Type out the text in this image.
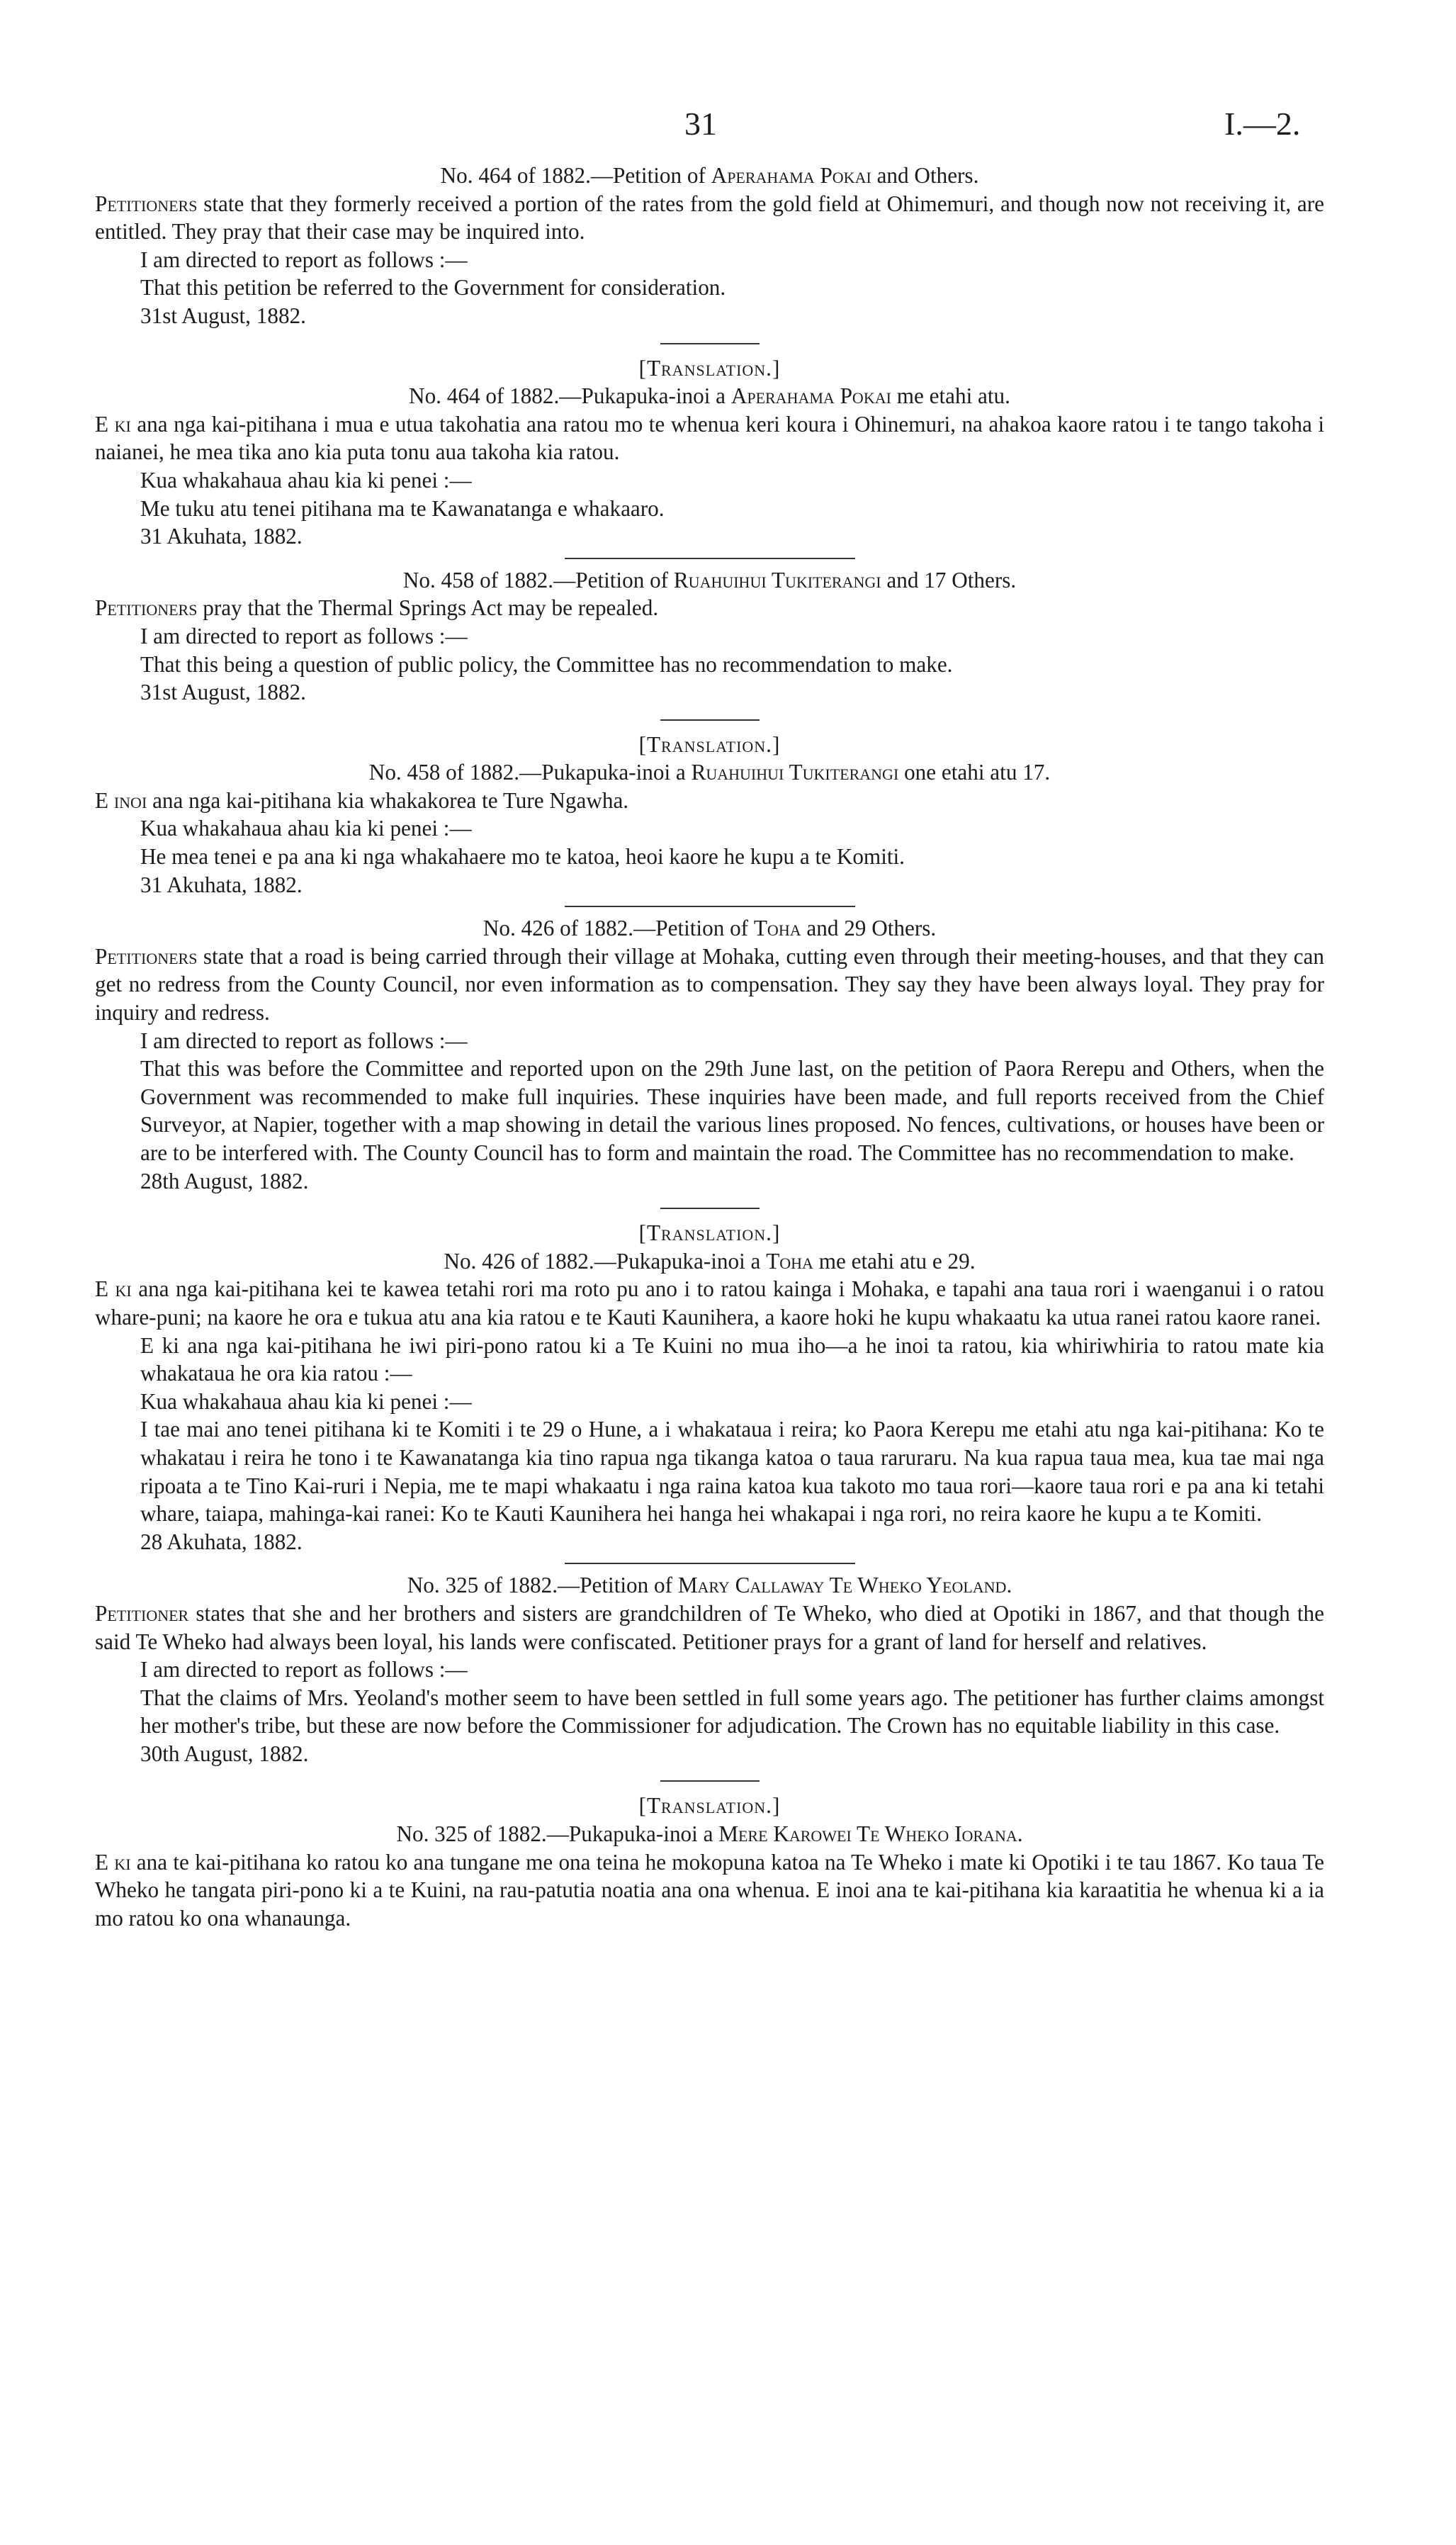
31	I.—2.
No. 464 of 1882.—Petition of Aperahama Pokai and Others.
Petitioners state that they formerly received a portion of the rates from the gold field at Ohimemuri, and though now not receiving it, are entitled. They pray that their case may be inquired into.
I am directed to report as follows :—
That this petition be referred to the Government for consideration.
31st August, 1882.
[Translation.]
No. 464 of 1882.—Pukapuka-inoi a Aperahama Pokai me etahi atu.
E ki ana nga kai-pitihana i mua e utua takohatia ana ratou mo te whenua keri koura i Ohinemuri, na ahakoa kaore ratou i te tango takoha i naianei, he mea tika ano kia puta tonu aua takoha kia ratou.
Kua whakahaua ahau kia ki penei :—
Me tuku atu tenei pitihana ma te Kawanatanga e whakaaro.
31 Akuhata, 1882.
No. 458 of 1882.—Petition of Ruahuihui Tukiterangi and 17 Others.
Petitioners pray that the Thermal Springs Act may be repealed.
I am directed to report as follows :—
That this being a question of public policy, the Committee has no recommendation to make.
31st August, 1882.
[Translation.]
No. 458 of 1882.—Pukapuka-inoi a Ruahuihui Tukiterangi one etahi atu 17.
E inoi ana nga kai-pitihana kia whakakorea te Ture Ngawha.
Kua whakahaua ahau kia ki penei :—
He mea tenei e pa ana ki nga whakahaere mo te katoa, heoi kaore he kupu a te Komiti.
31 Akuhata, 1882.
No. 426 of 1882.—Petition of Toha and 29 Others.
Petitioners state that a road is being carried through their village at Mohaka, cutting even through their meeting-houses, and that they can get no redress from the County Council, nor even information as to compensation. They say they have been always loyal. They pray for inquiry and redress.
I am directed to report as follows :—
That this was before the Committee and reported upon on the 29th June last, on the petition of Paora Rerepu and Others, when the Government was recommended to make full inquiries. These inquiries have been made, and full reports received from the Chief Surveyor, at Napier, together with a map showing in detail the various lines proposed. No fences, cultivations, or houses have been or are to be interfered with. The County Council has to form and maintain the road. The Committee has no recommendation to make.
28th August, 1882.
[Translation.]
No. 426 of 1882.—Pukapuka-inoi a Toha me etahi atu e 29.
E ki ana nga kai-pitihana kei te kawea tetahi rori ma roto pu ano i to ratou kainga i Mohaka, e tapahi ana taua rori i waenganui i o ratou whare-puni; na kaore he ora e tukua atu ana kia ratou e te Kauti Kaunihera, a kaore hoki he kupu whakaatu ka utua ranei ratou kaore ranei.
E ki ana nga kai-pitihana he iwi piri-pono ratou ki a Te Kuini no mua iho—a he inoi ta ratou, kia whiriwhiria to ratou mate kia whakataua he ora kia ratou :—
Kua whakahaua ahau kia ki penei :—
I tae mai ano tenei pitihana ki te Komiti i te 29 o Hune, a i whakataua i reira; ko Paora Kerepu me etahi atu nga kai-pitihana: Ko te whakatau i reira he tono i te Kawanatanga kia tino rapua nga tikanga katoa o taua raruraru. Na kua rapua taua mea, kua tae mai nga ripoata a te Tino Kai-ruri i Nepia, me te mapi whakaatu i nga raina katoa kua takoto mo taua rori—kaore taua rori e pa ana ki tetahi whare, taiapa, mahinga-kai ranei: Ko te Kauti Kaunihera hei hanga hei whakapai i nga rori, no reira kaore he kupu a te Komiti.
28 Akuhata, 1882.
No. 325 of 1882.—Petition of Mary Callaway Te Wheko Yeoland.
Petitioner states that she and her brothers and sisters are grandchildren of Te Wheko, who died at Opotiki in 1867, and that though the said Te Wheko had always been loyal, his lands were confiscated. Petitioner prays for a grant of land for herself and relatives.
I am directed to report as follows :—
That the claims of Mrs. Yeoland's mother seem to have been settled in full some years ago. The petitioner has further claims amongst her mother's tribe, but these are now before the Commissioner for adjudication. The Crown has no equitable liability in this case.
30th August, 1882.
[Translation.]
No. 325 of 1882.—Pukapuka-inoi a Mere Karowei Te Wheko Iorana.
E ki ana te kai-pitihana ko ratou ko ana tungane me ona teina he mokopuna katoa na Te Wheko i mate ki Opotiki i te tau 1867. Ko taua Te Wheko he tangata piri-pono ki a te Kuini, na rau-patutia noatia ana ona whenua. E inoi ana te kai-pitihana kia karaatitia he whenua ki a ia mo ratou ko ona whanaunga.
